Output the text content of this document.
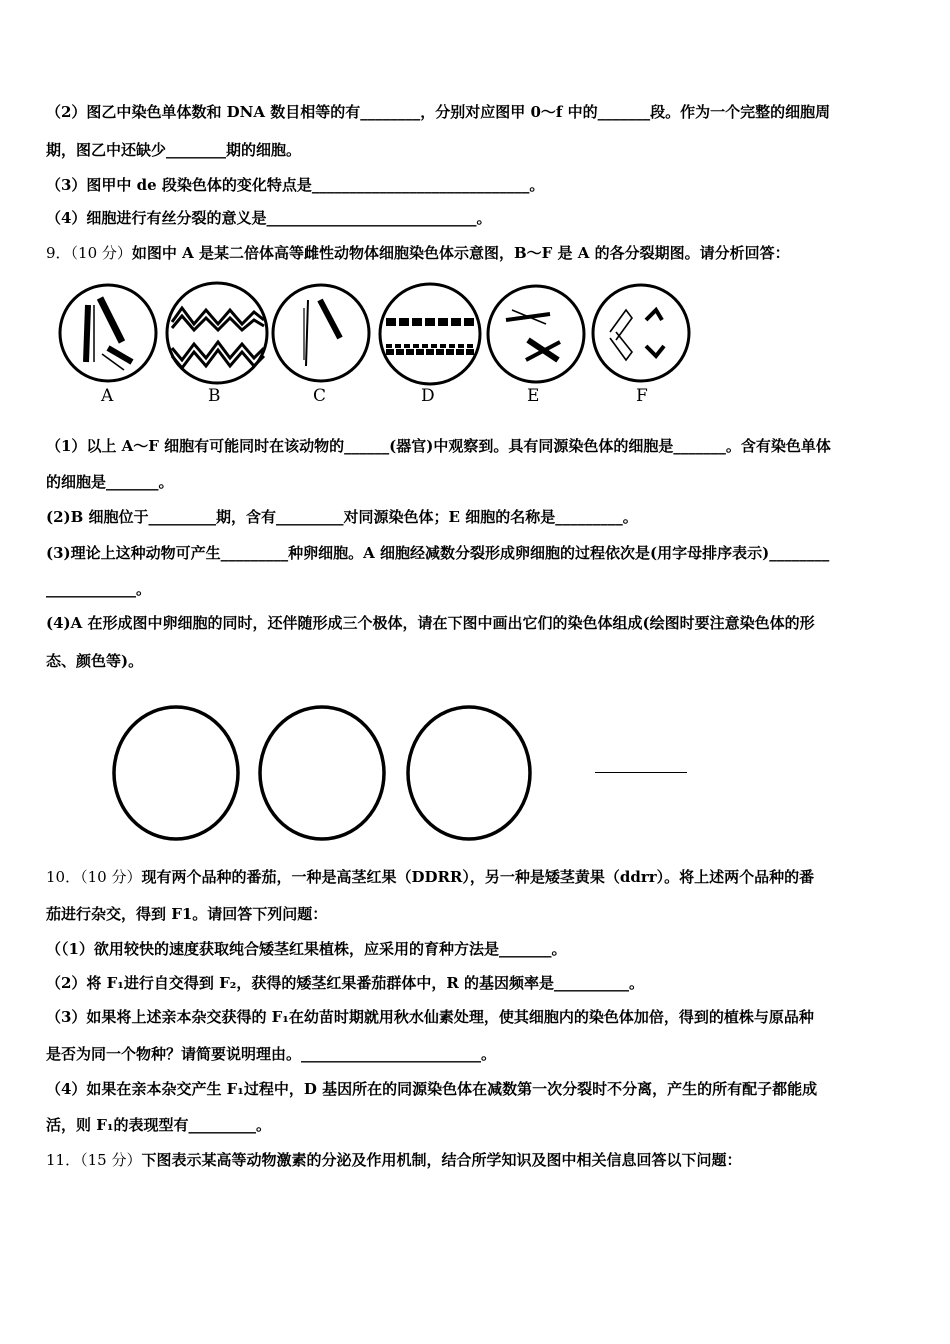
（2）图乙中染色单体数和 DNA 数目相等的有________，分别对应图甲 0～f 中的_______段。作为一个完整的细胞周
期，图乙中还缺少________期的细胞。
（3）图甲中 de 段染色体的变化特点是_____________________________。
（4）细胞进行有丝分裂的意义是____________________________。
9．（10 分）如图中 A 是某二倍体高等雌性动物体细胞染色体示意图，B～F 是 A 的各分裂期图。请分析回答：
A	B	C	D	E	F
（1）以上 A～F 细胞有可能同时在该动物的______(器官)中观察到。具有同源染色体的细胞是_______。含有染色单体
的细胞是_______。
(2)B 细胞位于_________期，含有_________对同源染色体；E 细胞的名称是_________。
(3)理论上这种动物可产生_________种卵细胞。A 细胞经减数分裂形成卵细胞的过程依次是(用字母排序表示)________
____________。
(4)A 在形成图中卵细胞的同时，还伴随形成三个极体，请在下图中画出它们的染色体组成(绘图时要注意染色体的形
态、颜色等)。
10．（10 分）现有两个品种的番茄，一种是高茎红果（DDRR），另一种是矮茎黄果（ddrr）。将上述两个品种的番
茄进行杂交，得到 F1。请回答下列问题：
（（1）欲用较快的速度获取纯合矮茎红果植株，应采用的育种方法是_______。
（2）将 F₁进行自交得到 F₂，获得的矮茎红果番茄群体中，R 的基因频率是__________。
（3）如果将上述亲本杂交获得的 F₁在幼苗时期就用秋水仙素处理，使其细胞内的染色体加倍，得到的植株与原品种
是否为同一个物种？请简要说明理由。________________________。
（4）如果在亲本杂交产生 F₁过程中，D 基因所在的同源染色体在减数第一次分裂时不分离，产生的所有配子都能成
活，则 F₁的表现型有_________。
11．（15 分）下图表示某高等动物激素的分泌及作用机制，结合所学知识及图中相关信息回答以下问题：
